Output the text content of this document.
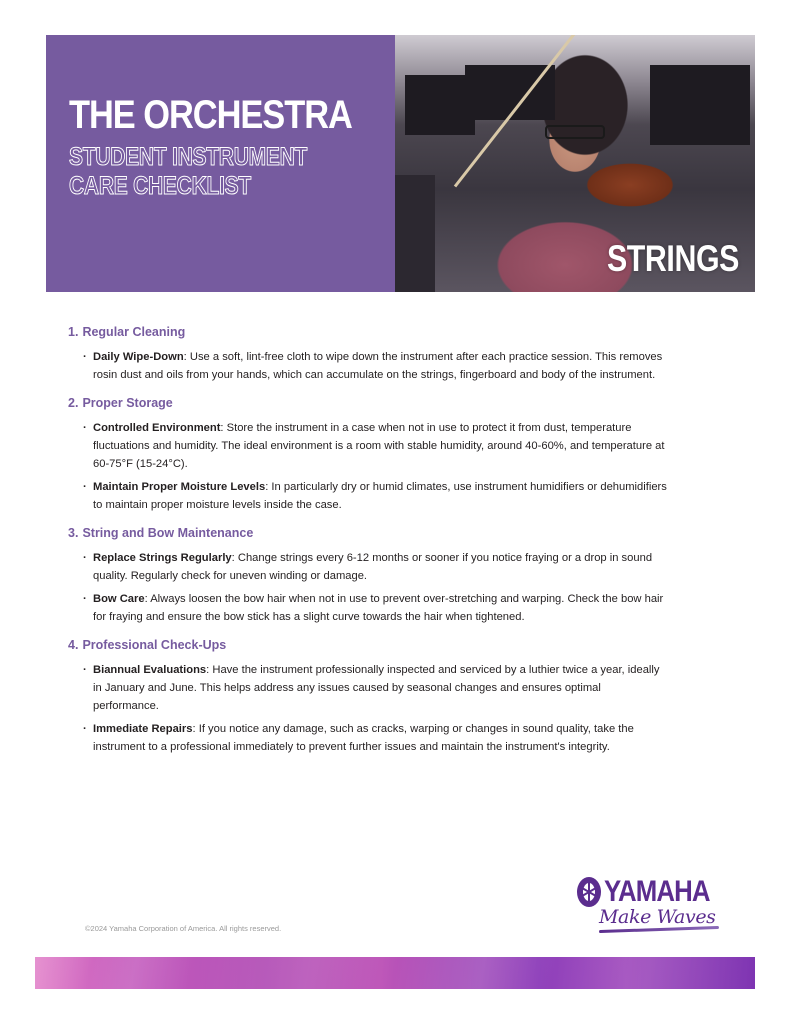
THE ORCHESTRA
STUDENT INSTRUMENT
CARE CHECKLIST
STRINGS
1. Regular Cleaning
· Daily Wipe-Down: Use a soft, lint-free cloth to wipe down the instrument after each practice session. This removes rosin dust and oils from your hands, which can accumulate on the strings, fingerboard and body of the instrument.
2. Proper Storage
· Controlled Environment: Store the instrument in a case when not in use to protect it from dust, temperature fluctuations and humidity. The ideal environment is a room with stable humidity, around 40-60%, and temperature at 60-75°F (15-24°C).
· Maintain Proper Moisture Levels: In particularly dry or humid climates, use instrument humidifiers or dehumidifiers to maintain proper moisture levels inside the case.
3. String and Bow Maintenance
· Replace Strings Regularly: Change strings every 6-12 months or sooner if you notice fraying or a drop in sound quality. Regularly check for uneven winding or damage.
· Bow Care: Always loosen the bow hair when not in use to prevent over-stretching and warping. Check the bow hair for fraying and ensure the bow stick has a slight curve towards the hair when tightened.
4. Professional Check-Ups
· Biannual Evaluations: Have the instrument professionally inspected and serviced by a luthier twice a year, ideally in January and June. This helps address any issues caused by seasonal changes and ensures optimal performance.
· Immediate Repairs: If you notice any damage, such as cracks, warping or changes in sound quality, take the instrument to a professional immediately to prevent further issues and maintain the instrument's integrity.
©2024 Yamaha Corporation of America. All rights reserved.
YAMAHA
Make Waves
